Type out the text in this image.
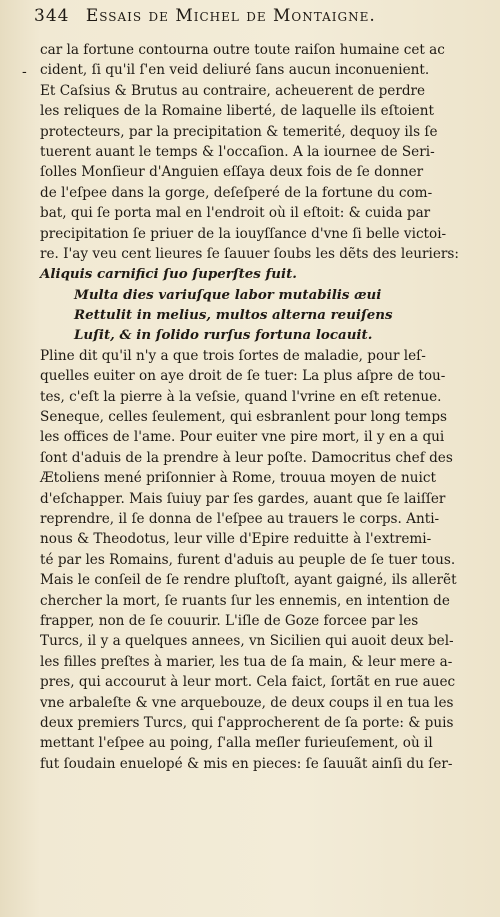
344 Essais de Michel de Montaigne.
-
car la fortune contourna outre toute raiſon humaine cet ac
cident, ſi qu'il ſ'en veid deliuré ſans aucun inconuenient.
Et Caſsius & Brutus au contraire, acheuerent de perdre
les reliques de la Romaine liberté, de laquelle ils eſtoient
protecteurs, par la precipitation & temerité, dequoy ils ſe
tuerent auant le temps & l'occaſion. A la iournee de Seri-
ſolles Monſieur d'Anguien eſſaya deux fois de ſe donner
de l'eſpee dans la gorge, deſeſperé de la fortune du com-
bat, qui ſe porta mal en l'endroit où il eſtoit: & cuida par
precipitation ſe priuer de la iouyſſance d'vne ſi belle victoi-
re. I'ay veu cent lieures ſe ſauuer ſoubs les dẽts des leuriers:
Aliquis carnifici ſuo ſuperſtes fuit.
Multa dies variuſque labor mutabilis æui
Rettulit in melius, multos alterna reuiſens
Luſit, & in ſolido rurſus fortuna locauit.
Pline dit qu'il n'y a que trois ſortes de maladie, pour leſ-
quelles euiter on aye droit de ſe tuer: La plus aſpre de tou-
tes, c'eſt la pierre à la veſsie, quand l'vrine en eſt retenue.
Seneque, celles ſeulement, qui esbranlent pour long temps
les offices de l'ame. Pour euiter vne pire mort, il y en a qui
ſont d'aduis de la prendre à leur poſte. Damocritus chef des
Ætoliens mené priſonnier à Rome, trouua moyen de nuict
d'eſchapper. Mais ſuiuy par ſes gardes, auant que ſe laiſſer
reprendre, il ſe donna de l'eſpee au trauers le corps. Anti-
nous & Theodotus, leur ville d'Epire reduitte à l'extremi-
té par les Romains, furent d'aduis au peuple de ſe tuer tous.
Mais le conſeil de ſe rendre pluſtoſt, ayant gaigné, ils allerẽt
chercher la mort, ſe ruants ſur les ennemis, en intention de
frapper, non de ſe couurir. L'iſle de Goze forcee par les
Turcs, il y a quelques annees, vn Sicilien qui auoit deux bel-
les filles preſtes à marier, les tua de ſa main, & leur mere a-
pres, qui accourut à leur mort. Cela faict, ſortãt en rue auec
vne arbaleſte & vne arquebouze, de deux coups il en tua les
deux premiers Turcs, qui ſ'approcherent de ſa porte: & puis
mettant l'eſpee au poing, ſ'alla meſler furieuſement, où il
fut ſoudain enuelopé & mis en pieces: ſe ſauuãt ainſi du ſer-
